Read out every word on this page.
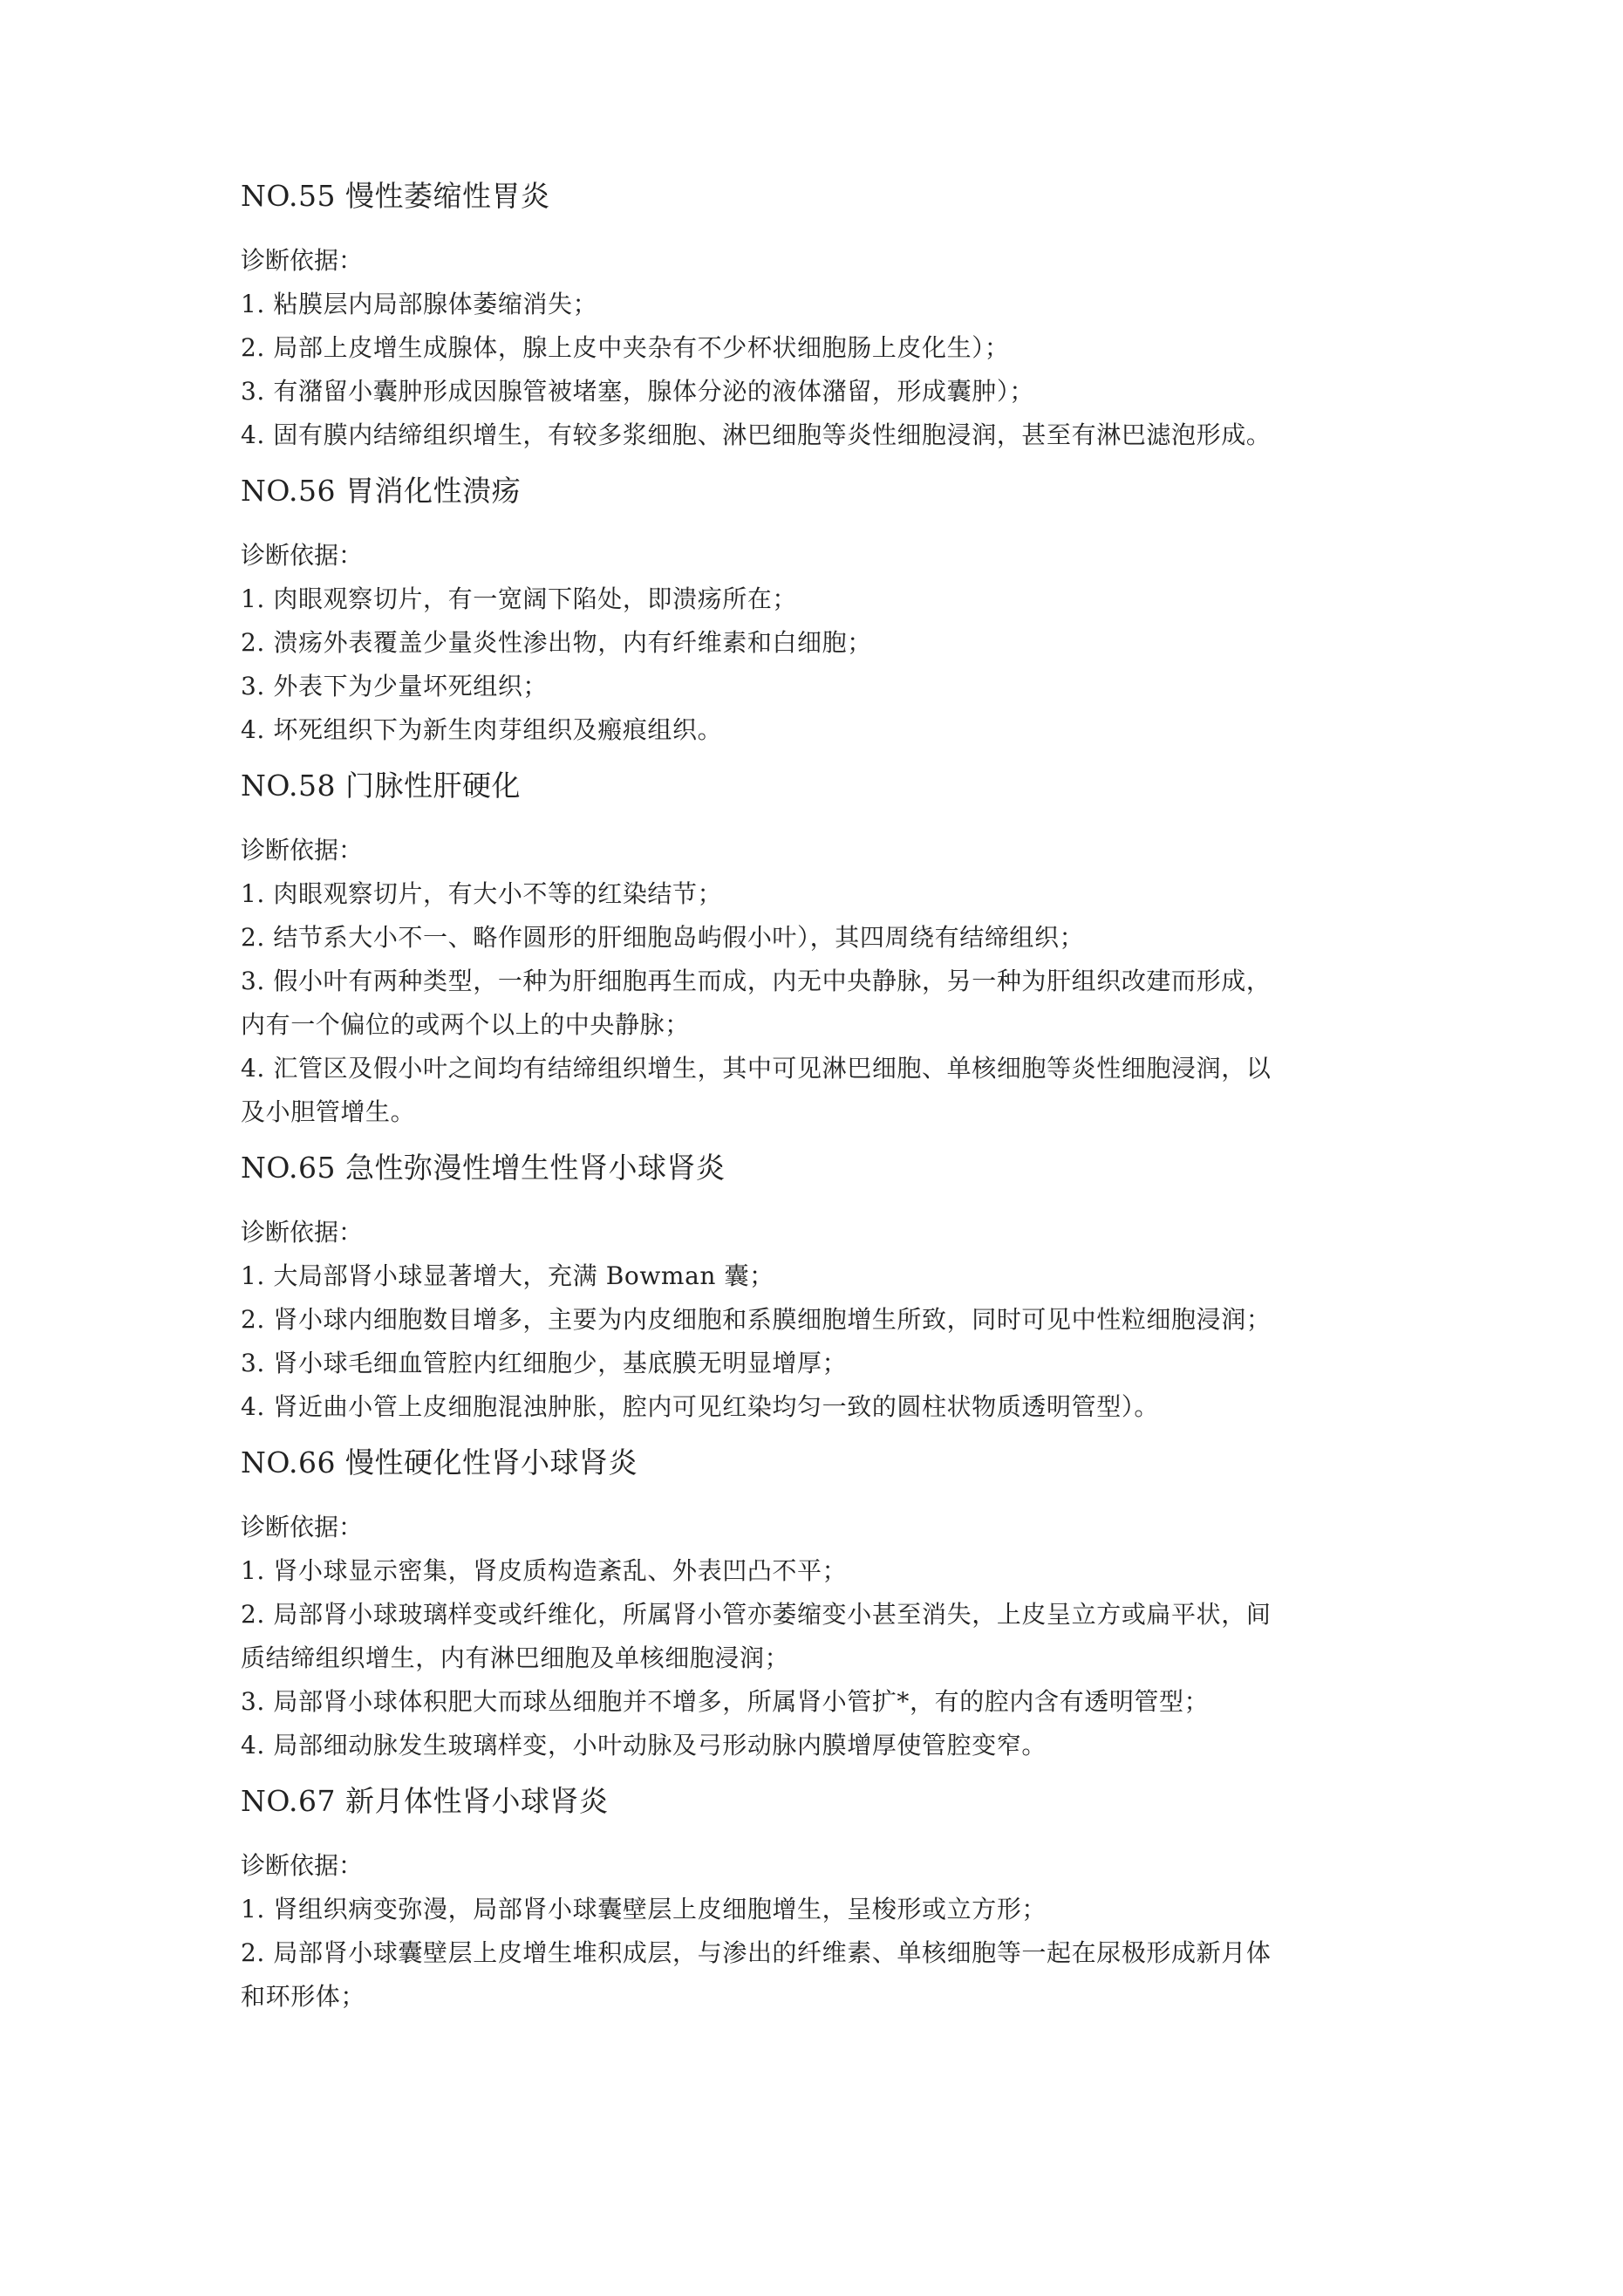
NO.55 慢性萎缩性胃炎
诊断依据：
1. 粘膜层内局部腺体萎缩消失；
2. 局部上皮增生成腺体，腺上皮中夹杂有不少杯状细胞肠上皮化生）；
3. 有潴留小囊肿形成因腺管被堵塞，腺体分泌的液体潴留，形成囊肿）；
4. 固有膜内结缔组织增生，有较多浆细胞、淋巴细胞等炎性细胞浸润，甚至有淋巴滤泡形成。
NO.56 胃消化性溃疡
诊断依据：
1. 肉眼观察切片，有一宽阔下陷处，即溃疡所在；
2. 溃疡外表覆盖少量炎性渗出物，内有纤维素和白细胞；
3. 外表下为少量坏死组织；
4. 坏死组织下为新生肉芽组织及瘢痕组织。
NO.58 门脉性肝硬化
诊断依据：
1. 肉眼观察切片，有大小不等的红染结节；
2. 结节系大小不一、略作圆形的肝细胞岛屿假小叶），其四周绕有结缔组织；
3. 假小叶有两种类型，一种为肝细胞再生而成，内无中央静脉，另一种为肝组织改建而形成，
内有一个偏位的或两个以上的中央静脉；
4. 汇管区及假小叶之间均有结缔组织增生，其中可见淋巴细胞、单核细胞等炎性细胞浸润，以
及小胆管增生。
NO.65 急性弥漫性增生性肾小球肾炎
诊断依据：
1. 大局部肾小球显著增大，充满 Bowman 囊；
2. 肾小球内细胞数目增多，主要为内皮细胞和系膜细胞增生所致，同时可见中性粒细胞浸润；
3. 肾小球毛细血管腔内红细胞少，基底膜无明显增厚；
4. 肾近曲小管上皮细胞混浊肿胀，腔内可见红染均匀一致的圆柱状物质透明管型）。
NO.66 慢性硬化性肾小球肾炎
诊断依据：
1. 肾小球显示密集，肾皮质构造紊乱、外表凹凸不平；
2. 局部肾小球玻璃样变或纤维化，所属肾小管亦萎缩变小甚至消失，上皮呈立方或扁平状，间
质结缔组织增生，内有淋巴细胞及单核细胞浸润；
3. 局部肾小球体积肥大而球丛细胞并不增多，所属肾小管扩*，有的腔内含有透明管型；
4. 局部细动脉发生玻璃样变，小叶动脉及弓形动脉内膜增厚使管腔变窄。
NO.67 新月体性肾小球肾炎
诊断依据：
1. 肾组织病变弥漫，局部肾小球囊壁层上皮细胞增生，呈梭形或立方形；
2. 局部肾小球囊壁层上皮增生堆积成层，与渗出的纤维素、单核细胞等一起在尿极形成新月体
和环形体；
